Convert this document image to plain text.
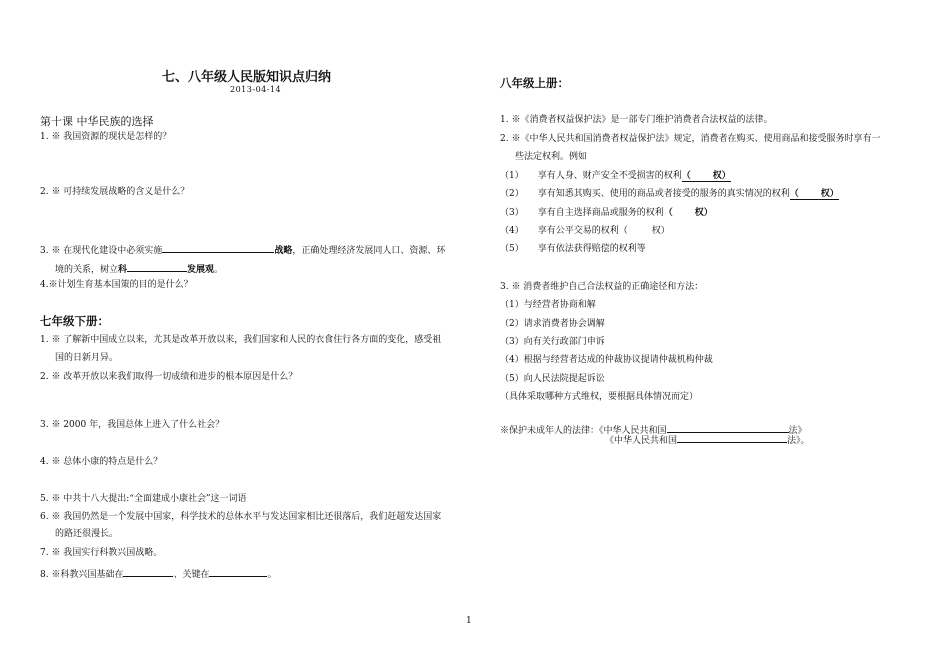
七、八年级人民版知识点归纳
2013-04-14
第十课 中华民族的选择
1. ※ 我国资源的现状是怎样的？
2. ※ 可持续发展战略的含义是什么？
3. ※ 在现代化建设中必须实施	战略，正确处理经济发展同人口、资源、环
境的关系，树立科	发展观。
4.※计划生育基本国策的目的是什么？
七年级下册：
1. ※ 了解新中国成立以来，尤其是改革开放以来，我们国家和人民的衣食住行各方面的变化，感受祖
国的日新月异。
2. ※ 改革开放以来我们取得一切成绩和进步的根本原因是什么？
3. ※ 2000 年，我国总体上进入了什么社会？
4. ※ 总体小康的特点是什么？
5. ※ 中共十八大提出:“全面建成小康社会”这一词语
6. ※ 我国仍然是一个发展中国家，科学技术的总体水平与发达国家相比还很落后，我们赶超发达国家
的路还很漫长。
7. ※ 我国实行科教兴国战略。
8. ※科教兴国基础在	、关键在	。
八年级上册：
1. ※《消费者权益保护法》是一部专门维护消费者合法权益的法律。
2. ※《中华人民共和国消费者权益保护法》规定，消费者在购买、使用商品和接受服务时享有一
些法定权利。例如
（1） 享有人身、财产安全不受损害的权利（ 权）
（2） 享有知悉其购买、使用的商品或者接受的服务的真实情况的权利（ 权）
（3） 享有自主选择商品或服务的权利（ 权）
（4） 享有公平交易的权利（	权）
（5） 享有依法获得赔偿的权利等
3. ※ 消费者维护自己合法权益的正确途径和方法：
（1）与经营者协商和解
（2）请求消费者协会调解
（3）向有关行政部门申诉
（4）根据与经营者达成的仲裁协议提请仲裁机构仲裁
（5）向人民法院提起诉讼
（具体采取哪种方式维权，要根据具体情况而定）
※保护未成年人的法律：《中华人民共和国	法》
《中华人民共和国	法》。
1
